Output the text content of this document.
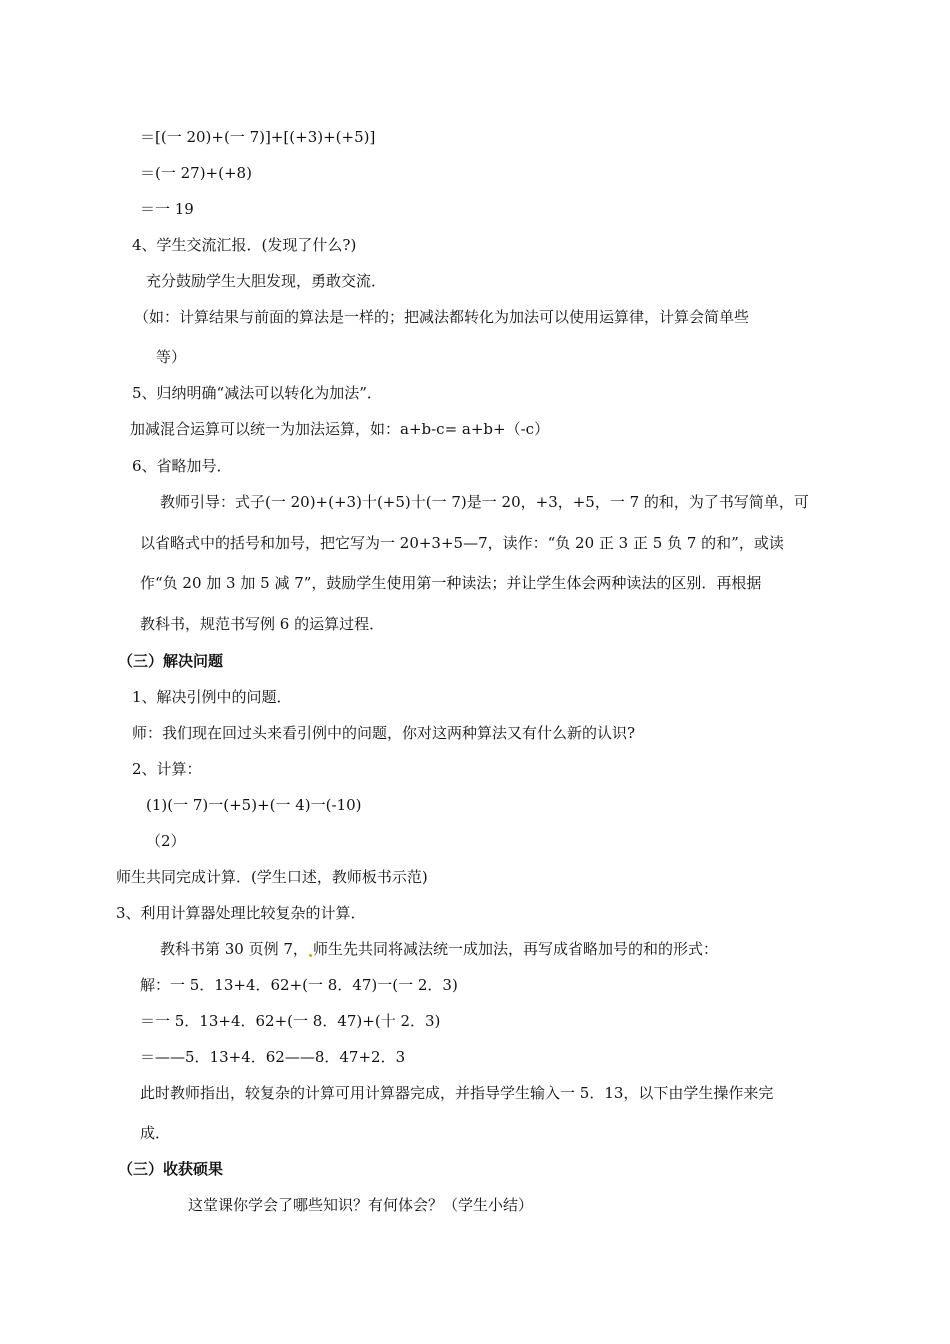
＝[(一 20)+(一 7)]+[(+3)+(+5)]
＝(一 27)+(+8)
＝一 19
4、学生交流汇报．(发现了什么?)
充分鼓励学生大胆发现，勇敢交流．
（如：计算结果与前面的算法是一样的；把减法都转化为加法可以使用运算律，计算会简单些
等）
5、归纳明确“减法可以转化为加法”．
加减混合运算可以统一为加法运算，如：a+b-c= a+b+（-c）
6、省略加号．
教师引导：式子(一 20)+(+3)十(+5)十(一 7)是一 20，+3，+5，一 7 的和，为了书写简单，可
以省略式中的括号和加号，把它写为一 20+3+5—7，读作：“负 20 正 3 正 5 负 7 的和”，或读
作“负 20 加 3 加 5 减 7”，鼓励学生使用第一种读法；并让学生体会两种读法的区别．再根据
教科书，规范书写例 6 的运算过程．
（三）解决问题
1、解决引例中的问题．
师：我们现在回过头来看引例中的问题，你对这两种算法又有什么新的认识?
2、计算：
(1)(一 7)一(+5)+(一 4)一(-10)
（2）
师生共同完成计算．(学生口述，教师板书示范)
3、利用计算器处理比较复杂的计算．
教科书第 30 页例 7， 师生先共同将减法统一成加法，再写成省略加号的和的形式：
解：一 5．13+4．62+(一 8．47)一(一 2．3)
＝一 5．13+4．62+(一 8．47)+(十 2．3)
＝——5．13+4．62——8．47+2．3
此时教师指出，较复杂的计算可用计算器完成，并指导学生输入一 5．13，以下由学生操作来完
成．
（三）收获硕果
这堂课你学会了哪些知识？有何体会？（学生小结）
